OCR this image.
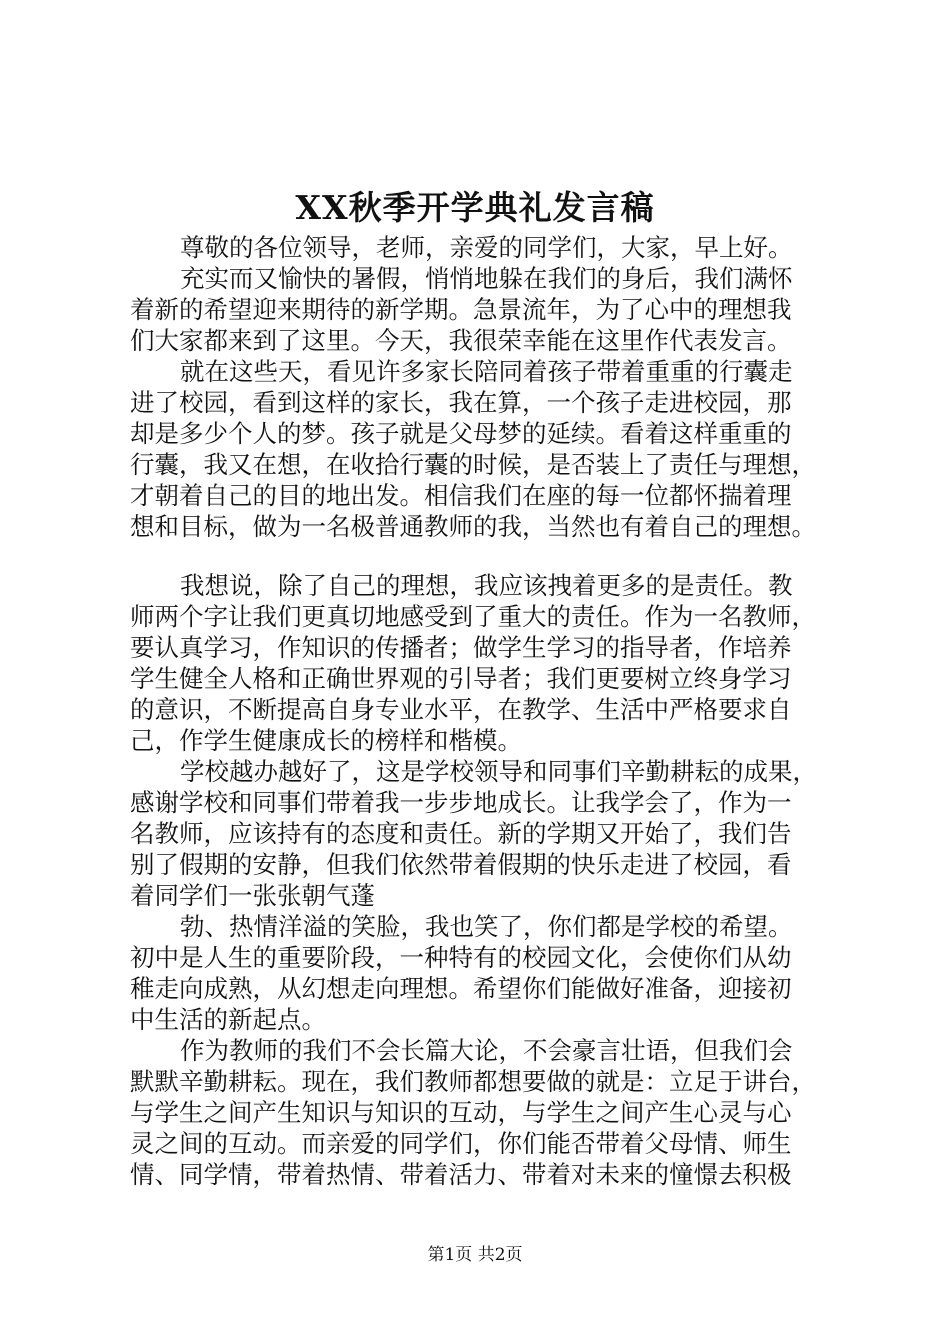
XX秋季开学典礼发言稿
尊敬的各位领导，老师，亲爱的同学们，大家，早上好。
充实而又愉快的暑假，悄悄地躲在我们的身后，我们满怀
着新的希望迎来期待的新学期。急景流年，为了心中的理想我
们大家都来到了这里。今天，我很荣幸能在这里作代表发言。
就在这些天，看见许多家长陪同着孩子带着重重的行囊走
进了校园，看到这样的家长，我在算，一个孩子走进校园，那
却是多少个人的梦。孩子就是父母梦的延续。看着这样重重的
行囊，我又在想，在收拾行囊的时候，是否装上了责任与理想，
才朝着自己的目的地出发。相信我们在座的每一位都怀揣着理
想和目标，做为一名极普通教师的我，当然也有着自己的理想。
我想说，除了自己的理想，我应该拽着更多的是责任。教
师两个字让我们更真切地感受到了重大的责任。作为一名教师，
要认真学习，作知识的传播者；做学生学习的指导者，作培养
学生健全人格和正确世界观的引导者；我们更要树立终身学习
的意识，不断提高自身专业水平，在教学、生活中严格要求自
己，作学生健康成长的榜样和楷模。
学校越办越好了，这是学校领导和同事们辛勤耕耘的成果，
感谢学校和同事们带着我一步步地成长。让我学会了，作为一
名教师，应该持有的态度和责任。新的学期又开始了，我们告
别了假期的安静，但我们依然带着假期的快乐走进了校园，看
着同学们一张张朝气蓬
勃、热情洋溢的笑脸，我也笑了，你们都是学校的希望。
初中是人生的重要阶段，一种特有的校园文化，会使你们从幼
稚走向成熟，从幻想走向理想。希望你们能做好准备，迎接初
中生活的新起点。
作为教师的我们不会长篇大论，不会豪言壮语，但我们会
默默辛勤耕耘。现在，我们教师都想要做的就是：立足于讲台，
与学生之间产生知识与知识的互动，与学生之间产生心灵与心
灵之间的互动。而亲爱的同学们，你们能否带着父母情、师生
情、同学情，带着热情、带着活力、带着对未来的憧憬去积极
第1页 共2页
